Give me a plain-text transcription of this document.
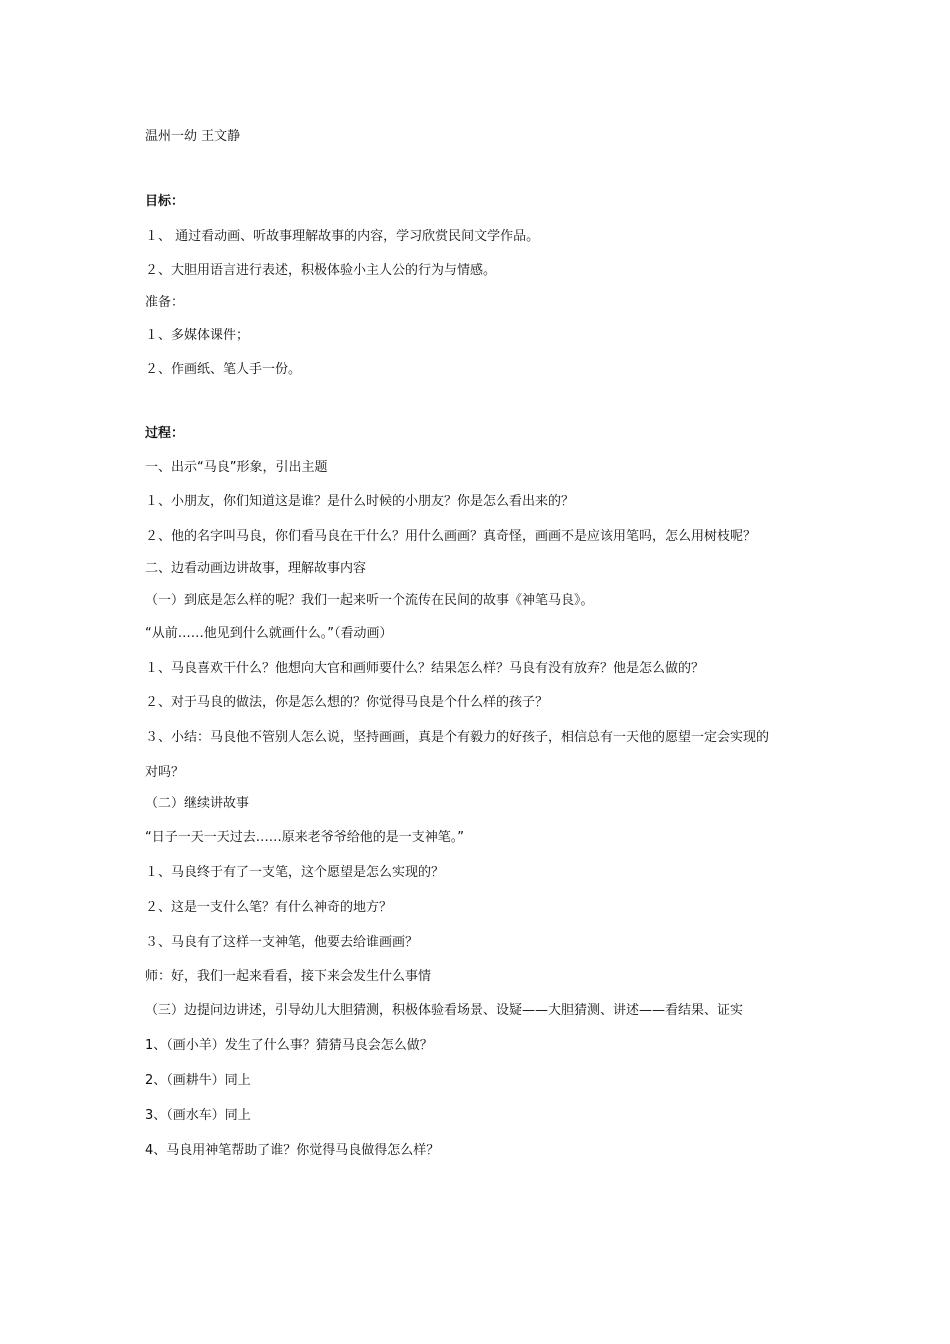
温州一幼 王文静
目标：
１、 通过看动画、听故事理解故事的内容，学习欣赏民间文学作品。
２、大胆用语言进行表述，积极体验小主人公的行为与情感。
准备：
１、多媒体课件；
２、作画纸、笔人手一份。
过程：
一、出示“马良”形象，引出主题
１、小朋友，你们知道这是谁？是什么时候的小朋友？你是怎么看出来的？
２、他的名字叫马良，你们看马良在干什么？用什么画画？真奇怪，画画不是应该用笔吗，怎么用树枝呢？
二、边看动画边讲故事，理解故事内容
（一）到底是怎么样的呢？我们一起来听一个流传在民间的故事《神笔马良》。
“从前……他见到什么就画什么。”（看动画）
１、马良喜欢干什么？他想向大官和画师要什么？结果怎么样？马良有没有放弃？他是怎么做的？
２、对于马良的做法，你是怎么想的？你觉得马良是个什么样的孩子？
３、小结：马良他不管别人怎么说，坚持画画，真是个有毅力的好孩子，相信总有一天他的愿望一定会实现的
对吗？
（二）继续讲故事
“日子一天一天过去……原来老爷爷给他的是一支神笔。”
１、马良终于有了一支笔，这个愿望是怎么实现的？
２、这是一支什么笔？有什么神奇的地方？
３、马良有了这样一支神笔，他要去给谁画画？
师：好，我们一起来看看，接下来会发生什么事情
（三）边提问边讲述，引导幼儿大胆猜测，积极体验看场景、设疑——大胆猜测、讲述——看结果、证实
1、（画小羊）发生了什么事？猜猜马良会怎么做？
2、（画耕牛）同上
3、（画水车）同上
4、马良用神笔帮助了谁？你觉得马良做得怎么样？
